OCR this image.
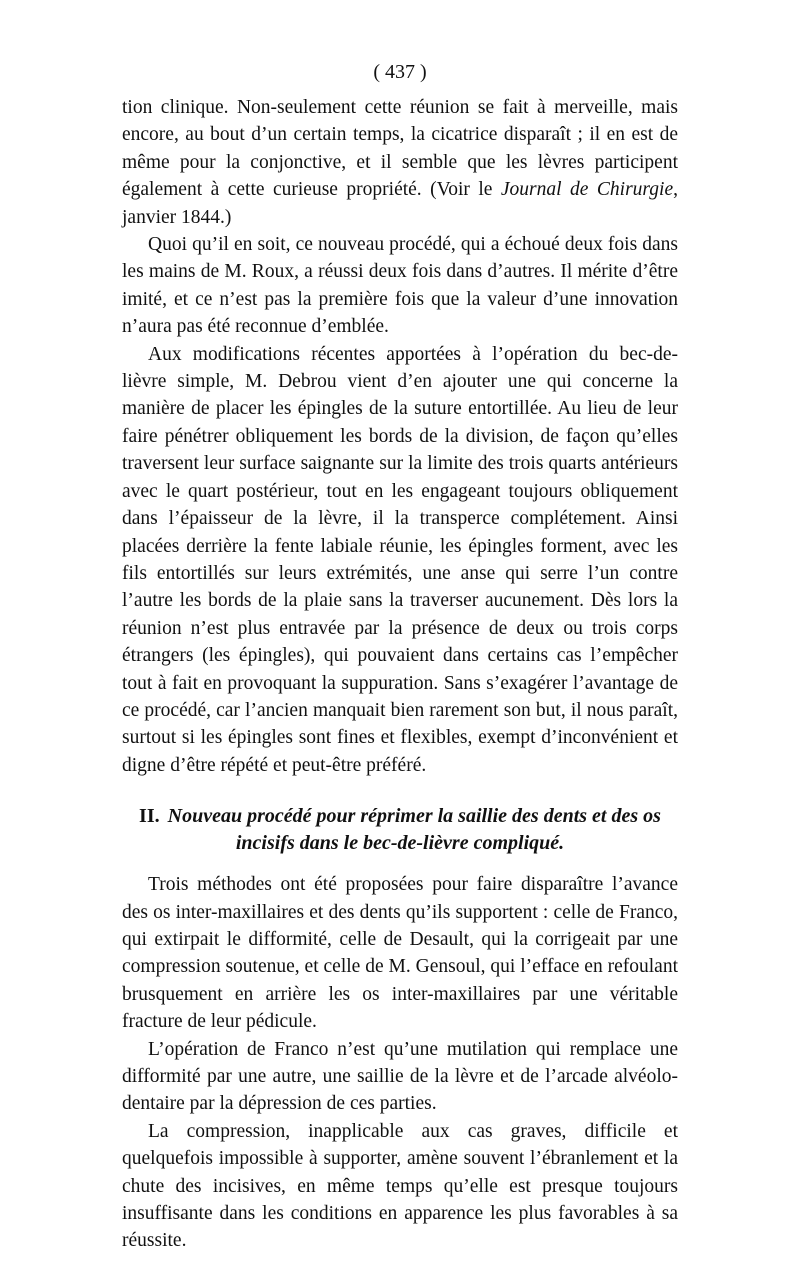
( 437 )

tion clinique. Non-seulement cette réunion se fait à merveille, mais encore, au bout d’un certain temps, la cicatrice disparaît ; il en est de même pour la conjonctive, et il semble que les lèvres participent également à cette curieuse propriété. (Voir le Journal de Chirurgie, janvier 1844.)

Quoi qu’il en soit, ce nouveau procédé, qui a échoué deux fois dans les mains de M. Roux, a réussi deux fois dans d’autres. Il mérite d’être imité, et ce n’est pas la première fois que la valeur d’une innovation n’aura pas été reconnue d’emblée.

Aux modifications récentes apportées à l’opération du bec-de-lièvre simple, M. Debrou vient d’en ajouter une qui concerne la manière de placer les épingles de la suture entortillée. Au lieu de leur faire pénétrer obliquement les bords de la division, de façon qu’elles traversent leur surface saignante sur la limite des trois quarts antérieurs avec le quart postérieur, tout en les engageant toujours obliquement dans l’épaisseur de la lèvre, il la transperce complétement. Ainsi placées derrière la fente labiale réunie, les épingles forment, avec les fils entortillés sur leurs extrémités, une anse qui serre l’un contre l’autre les bords de la plaie sans la traverser aucunement. Dès lors la réunion n’est plus entravée par la présence de deux ou trois corps étrangers (les épingles), qui pouvaient dans certains cas l’empêcher tout à fait en provoquant la suppuration. Sans s’exagérer l’avantage de ce procédé, car l’ancien manquait bien rarement son but, il nous paraît, surtout si les épingles sont fines et flexibles, exempt d’inconvénient et digne d’être répété et peut-être préféré.

II. Nouveau procédé pour réprimer la saillie des dents et des os incisifs dans le bec-de-lièvre compliqué.

Trois méthodes ont été proposées pour faire disparaître l’avance des os inter-maxillaires et des dents qu’ils supportent : celle de Franco, qui extirpait le difformité, celle de Desault, qui la corrigeait par une compression soutenue, et celle de M. Gensoul, qui l’efface en refoulant brusquement en arrière les os inter-maxillaires par une véritable fracture de leur pédicule.

L’opération de Franco n’est qu’une mutilation qui remplace une difformité par une autre, une saillie de la lèvre et de l’arcade alvéolo-dentaire par la dépression de ces parties.

La compression, inapplicable aux cas graves, difficile et quelquefois impossible à supporter, amène souvent l’ébranlement et la chute des incisives, en même temps qu’elle est presque toujours insuffisante dans les conditions en apparence les plus favorables à sa réussite.
